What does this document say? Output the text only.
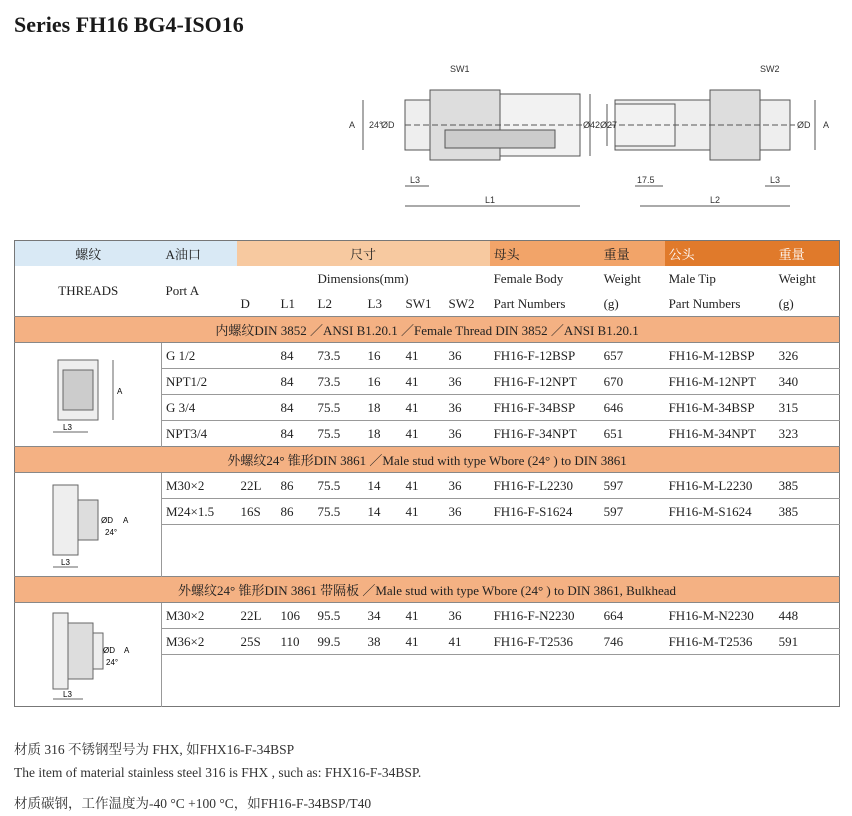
Series FH16 BG4-ISO16
SW1	SW2
A 24°
ØD	Ø42 Ø27	ØD A
L1	L2
L3	L3
17.5
螺纹	A油口	尺寸						母头	重量	公头	重量
THREADS	Port A	Dimensions(mm)						Female Body	Weight	Male Tip	Weight
		D	L1	L2	L3	SW1	SW2	Part Numbers	(g)	Part Numbers	(g)
内螺纹DIN 3852 ／ANSI B1.20.1 ／Female Thread DIN 3852 ／ANSI B1.20.1											

L3
A	G 1/2		84	73.5	16	41	36	FH16-F-12BSP	657	FH16-M-12BSP	326
	NPT1/2		84	73.5	16	41	36	FH16-F-12NPT	670	FH16-M-12NPT	340
	G 3/4		84	75.5	18	41	36	FH16-F-34BSP	646	FH16-M-34BSP	315
	NPT3/4		84	75.5	18	41	36	FH16-F-34NPT	651	FH16-M-34NPT	323
外螺纹24° 锥形DIN 3861 ／Male stud with type Wbore (24° ) to DIN 3861											

L3
ØD
24°
A	M30×2	22L	86	75.5	14	41	36	FH16-F-L2230	597	FH16-M-L2230	385
	M24×1.5	16S	86	75.5	14	41	36	FH16-F-S1624	597	FH16-M-S1624	385

外螺纹24° 锥形DIN 3861 带隔板 ／Male stud with type Wbore (24° ) to DIN 3861, Bulkhead											

L3
ØD
24°
A	M30×2	22L	106	95.5	34	41	36	FH16-F-N2230	664	FH16-M-N2230	448
	M36×2	25S	110	99.5	38	41	41	FH16-F-T2536	746	FH16-M-T2536	591

材质 316 不锈钢型号为 FHX, 如FHX16-F-34BSP
The item of material stainless steel 316 is FHX , such as: FHX16-F-34BSP.
材质碳钢，工作温度为-40 °C +100 °C，如FH16-F-34BSP/T40
